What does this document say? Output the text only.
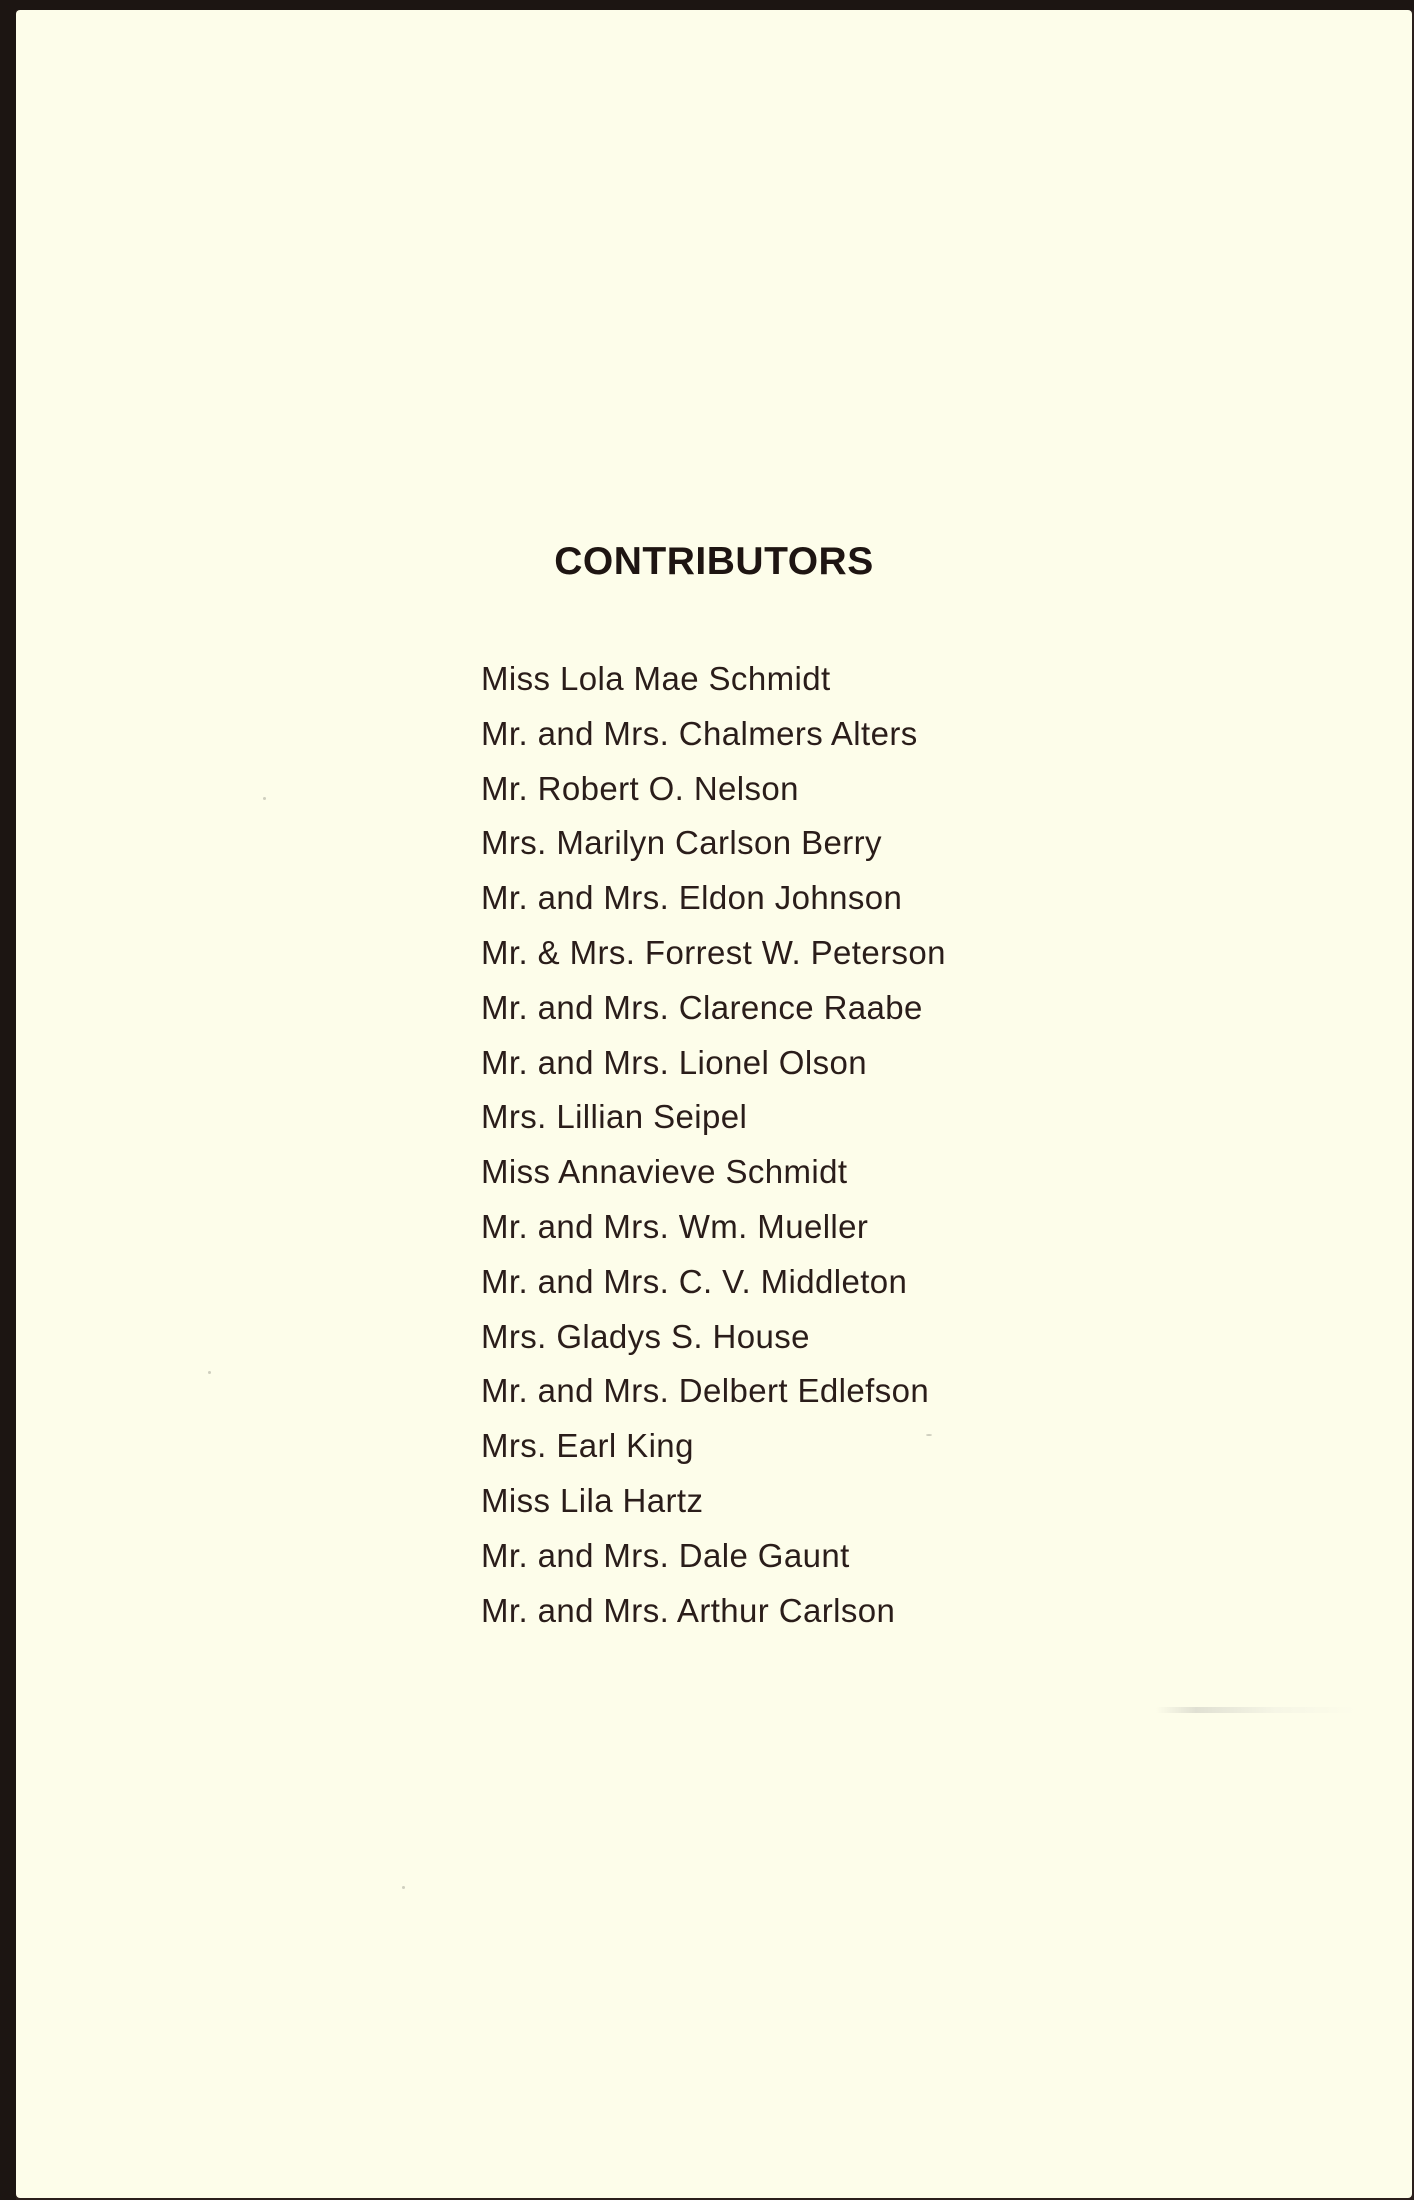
CONTRIBUTORS
Miss Lola Mae Schmidt
Mr. and Mrs. Chalmers Alters
Mr. Robert O. Nelson
Mrs. Marilyn Carlson Berry
Mr. and Mrs. Eldon Johnson
Mr. & Mrs. Forrest W. Peterson
Mr. and Mrs. Clarence Raabe
Mr. and Mrs. Lionel Olson
Mrs. Lillian Seipel
Miss Annavieve Schmidt
Mr. and Mrs. Wm. Mueller
Mr. and Mrs. C. V. Middleton
Mrs. Gladys S. House
Mr. and Mrs. Delbert Edlefson
Mrs. Earl King
Miss Lila Hartz
Mr. and Mrs. Dale Gaunt
Mr. and Mrs. Arthur Carlson
